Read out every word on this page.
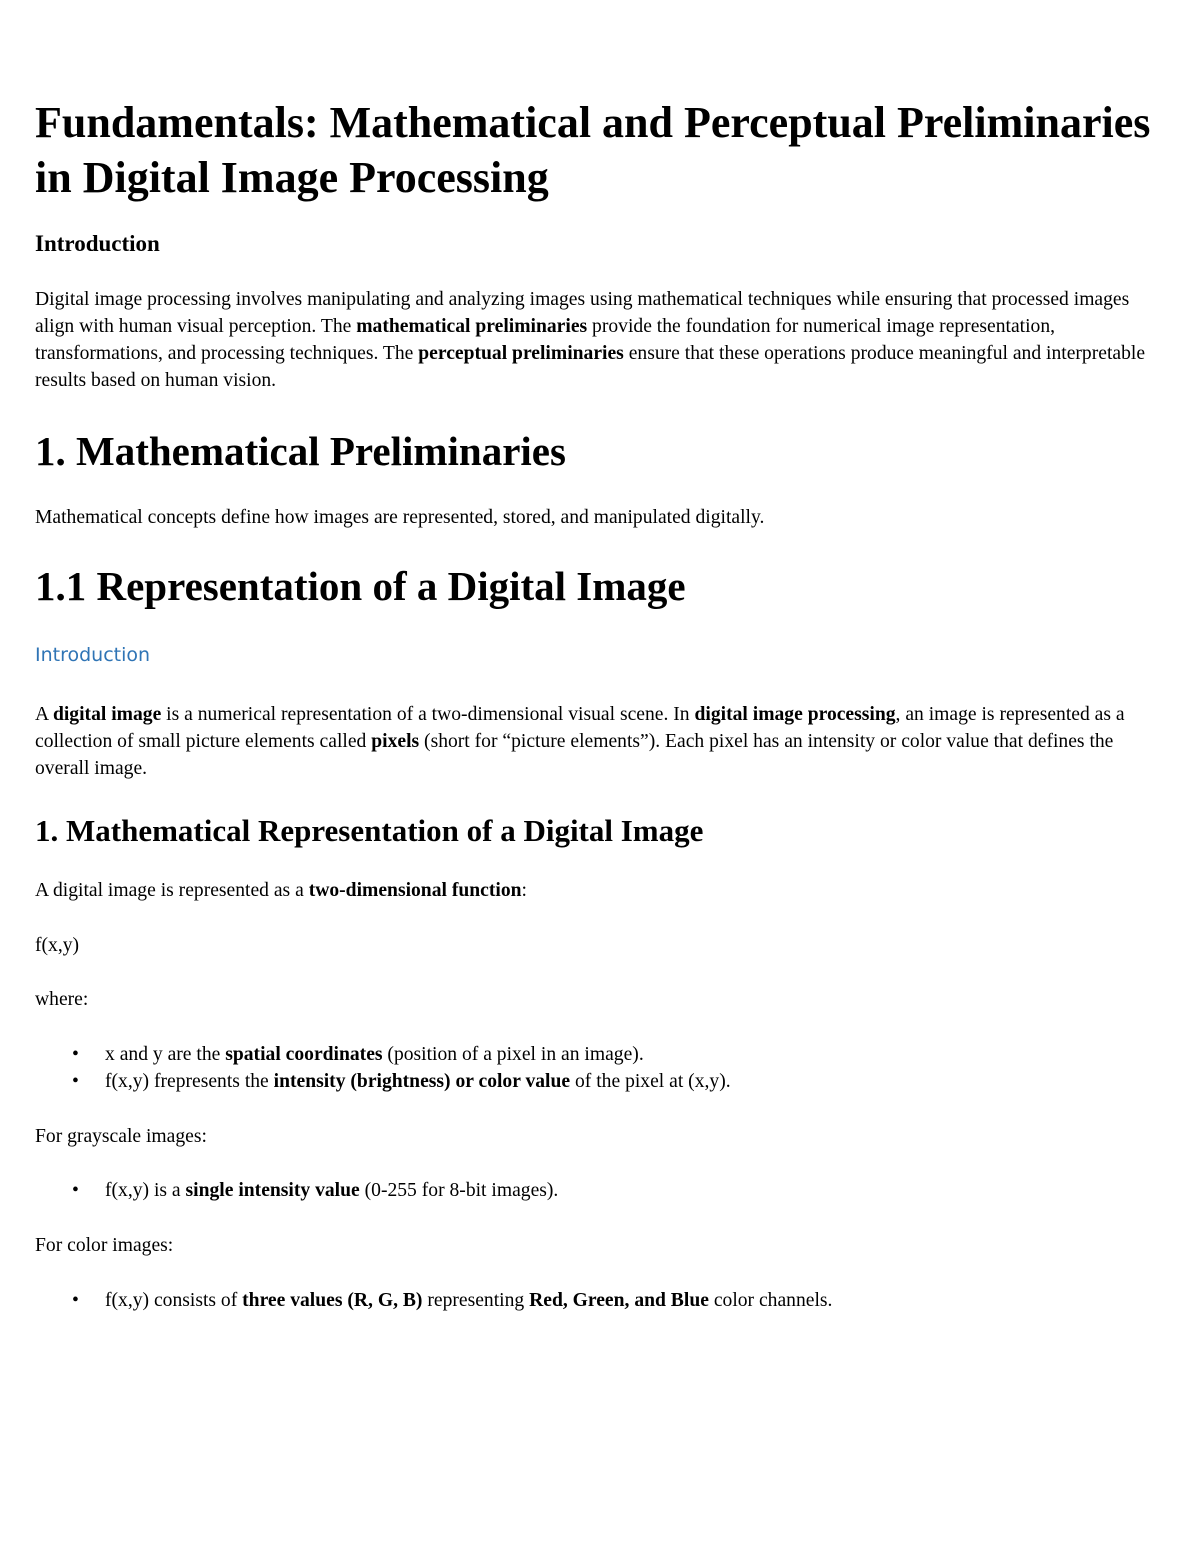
Fundamentals: Mathematical and Perceptual Preliminaries in Digital Image Processing
Introduction

Digital image processing involves manipulating and analyzing images using mathematical techniques while ensuring that processed images align with human visual perception. The mathematical preliminaries provide the foundation for numerical image representation, transformations, and processing techniques. The perceptual preliminaries ensure that these operations produce meaningful and interpretable results based on human vision.

1. Mathematical Preliminaries

Mathematical concepts define how images are represented, stored, and manipulated digitally.

1.1 Representation of a Digital Image
Introduction

A digital image is a numerical representation of a two-dimensional visual scene. In digital image processing, an image is represented as a collection of small picture elements called pixels (short for “picture elements”). Each pixel has an intensity or color value that defines the overall image.

1. Mathematical Representation of a Digital Image

A digital image is represented as a two-dimensional function:

f(x,y)

where:

• x and y are the spatial coordinates (position of a pixel in an image).
• f(x,y) frepresents the intensity (brightness) or color value of the pixel at (x,y).

For grayscale images:

• f(x,y) is a single intensity value (0-255 for 8-bit images).

For color images:

• f(x,y) consists of three values (R, G, B) representing Red, Green, and Blue color channels.
